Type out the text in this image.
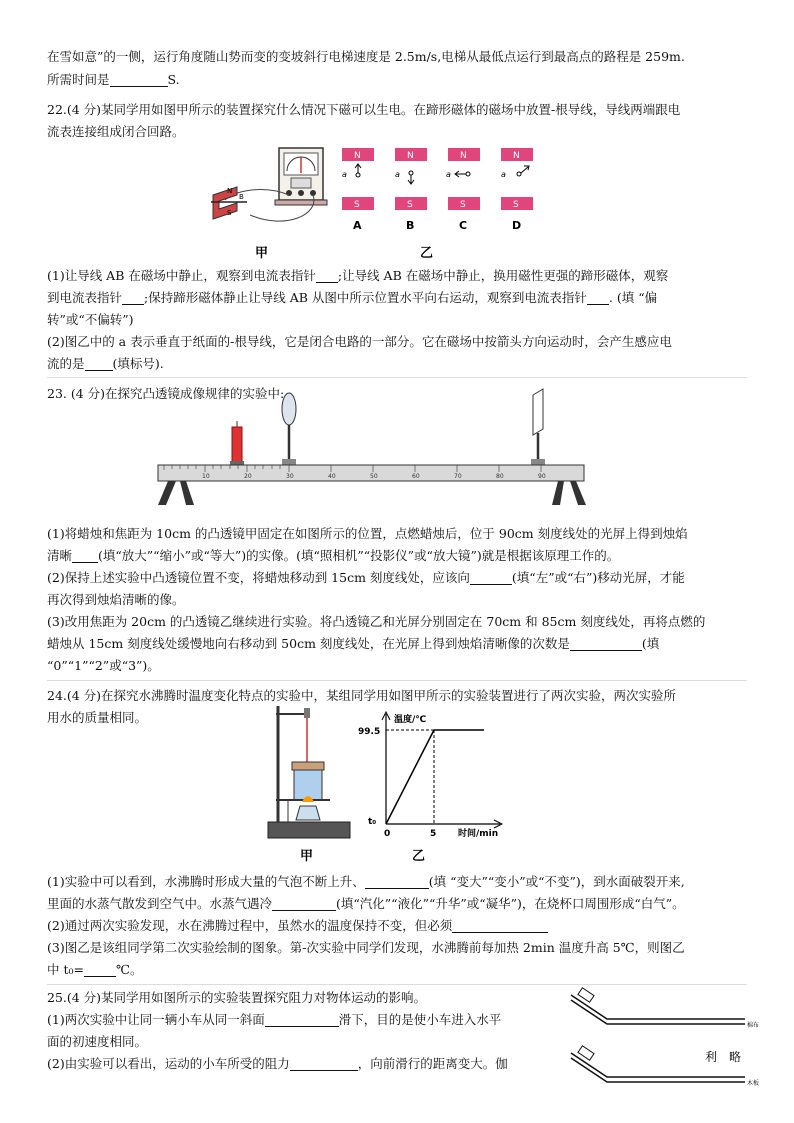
在雪如意”的一侧，运行角度随山势而变的变坡斜行电梯速度是 2.5m/s,电梯从最低点运行到最高点的路程是 259m.
所需时间是	S.
22.(4 分)某同学用如图甲所示的装置探究什么情况下磁可以生电。在蹄形磁体的磁场中放置-根导线，导线两端跟电
流表连接组成闭合回路。
N
S
B
甲
N
a
S
A
N
a
S
B
N
a
S
C
N
a
S
D
乙
(1)让导线 AB 在磁场中静止，观察到电流表指针 ;让导线 AB 在磁场中静止，换用磁性更强的蹄形磁体，观察
到电流表指针 ;保持蹄形磁体静止让导线 AB 从图中所示位置水平向右运动，观察到电流表指针 . (填 “偏
转”或“不偏转”)
(2)图乙中的 a 表示垂直于纸面的-根导线，它是闭合电路的一部分。它在磁场中按箭头方向运动时，会产生感应电
流的是 (填标号).
23. (4 分)在探究凸透镜成像规律的实验中:
10	20	30	40	50	60	70	80	90
(1)将蜡烛和焦距为 10cm 的凸透镜甲固定在如图所示的位置，点燃蜡烛后，位于 90cm 刻度线处的光屏上得到烛焰
清晰 (填“放大”“缩小”或“等大”)的实像。(填“照相机”“投影仪”或“放大镜”)就是根据该原理工作的。
(2)保持上述实验中凸透镜位置不变，将蜡烛移动到 15cm 刻度线处，应该向	(填“左”或“右”)移动光屏，才能
再次得到烛焰清晰的像。
(3)改用焦距为 20cm 的凸透镜乙继续进行实验。将凸透镜乙和光屏分别固定在 70cm 和 85cm 刻度线处，再将点燃的
蜡烛从 15cm 刻度线处缓慢地向右移动到 50cm 刻度线处，在光屏上得到烛焰清晰像的次数是	(填
“0”“1”“2”或“3”)。
24.(4 分)在探究水沸腾时温度变化特点的实验中，某组同学用如图甲所示的实验装置进行了两次实验，两次实验所
用水的质量相同。
甲
温度/℃
99.5
t₀
0	5 时间/min
乙
(1)实验中可以看到，水沸腾时形成大量的气泡不断上升、	(填 “变大”“变小”或“不变”)，到水面破裂开来,
里面的水蒸气散发到空气中。水蒸气遇冷	(填“汽化”“液化”“升华”或“凝华”)，在烧杯口周围形成“白气”。
(2)通过两次实验发现，水在沸腾过程中，虽然水的温度保持不变，但必须
(3)图乙是该组同学第二次实验绘制的图象。第-次实验中同学们发现，水沸腾前每加热 2min 温度升高 5℃，则图乙
中 t₀=	℃。
25.(4 分)某同学用如图所示的实验装置探究阻力对物体运动的影响。
(1)两次实验中让同一辆小车从同一斜面	滑下，目的是使小车进入水平
面的初速度相同。
(2)由实验可以看出，运动的小车所受的阻力	，向前滑行的距离变大。伽
棉布
利　略
木板
